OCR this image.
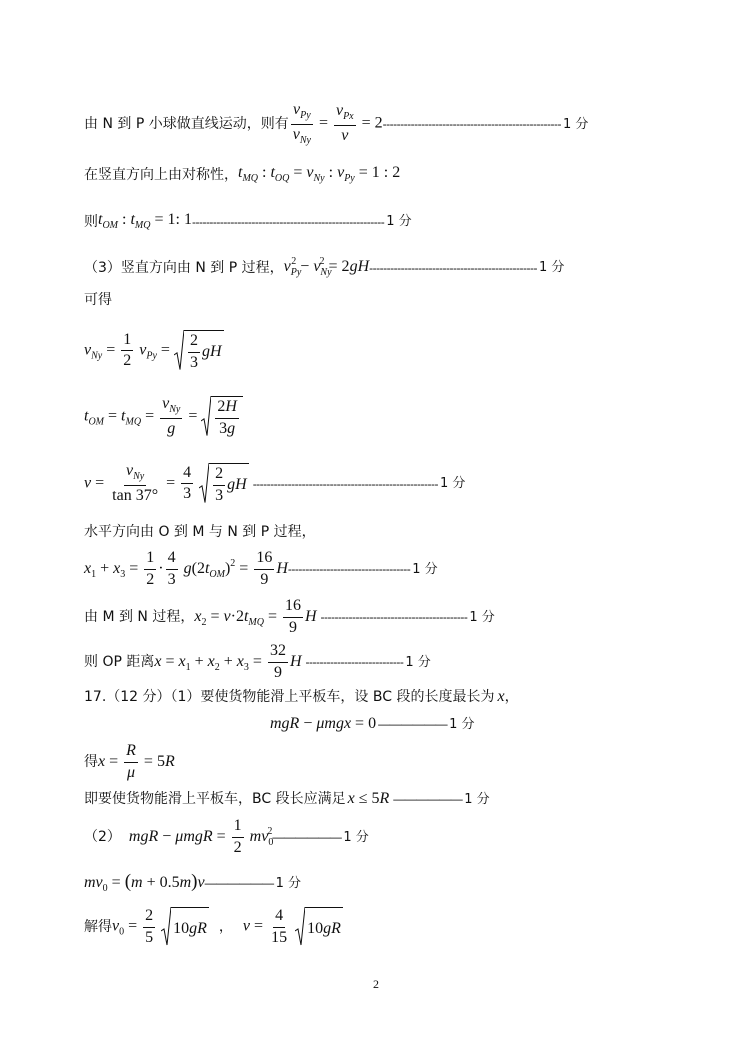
由 N 到 P 小球做直线运动，则有 $\frac{v_{Py}}{v_{Ny}} = \frac{v_{Px}}{v} = 2$ --------------------------------------------------- 1 分
在竖直方向上由对称性， $t_{MQ}$ : $t_{OQ} = v_{Ny}$ : $v_{Py} = 1$ : 2
则 $t_{OM}$ : $t_{MQ} = 1$: 1 ------------------------------------------------------- 1 分
（3）竖直方向由 N 到 P 过程， $v_{Py}^2 - v_{Ny}^2 = 2gH$ ------------------------------------------------ 1 分
可得
$v_{Ny} = \frac{1}{2} v_{Py} = \frac{2}{3}$ gH
$t_{OM} = t_{MQ} = \frac{v_{Ny}}{g} = \frac{2H}{3g}$
$v = \frac{v_{Ny}}{\tan 37^\circ} = \frac{4}{3}$
$\frac{2}{3}$ gH ----------------------------------------------------- 1 分
水平方向由 O 到 M 与 N 到 P 过程，
$x_1 + x_3 = \frac{1}{2} \cdot \frac{4}{3} g(2t_{OM})^2 = \frac{16}{9}$ H ----------------------------------- 1 分
由 M 到 N 过程， $x_2 = v\cdot 2t_{MQ} = \frac{16}{9}$ H ------------------------------------------ 1 分
则 OP 距离 $x = x_1 + x_2 + x_3 = \frac{32}{9}$ H ---------------------------- 1 分
17.（12 分）（1）要使货物能滑上平板车，设 BC 段的长度最长为 x ，
mgR − μmgx = 0 —————— 1 分
得 $x = \frac{R}{\mu} = 5R$
即要使货物能滑上平板车，BC 段长应满足 x ≤ 5R —————— 1 分
（2） mgR − $\mu mgR = \frac{1}{2} mv_0^2$ —————— 1 分
$mv_0 = (m + 0.5m)v$ —————— 1 分
解得 $v_0 = \frac{2}{5}$
10 gR ， $v = \frac{4}{15}$
10 gR
2
